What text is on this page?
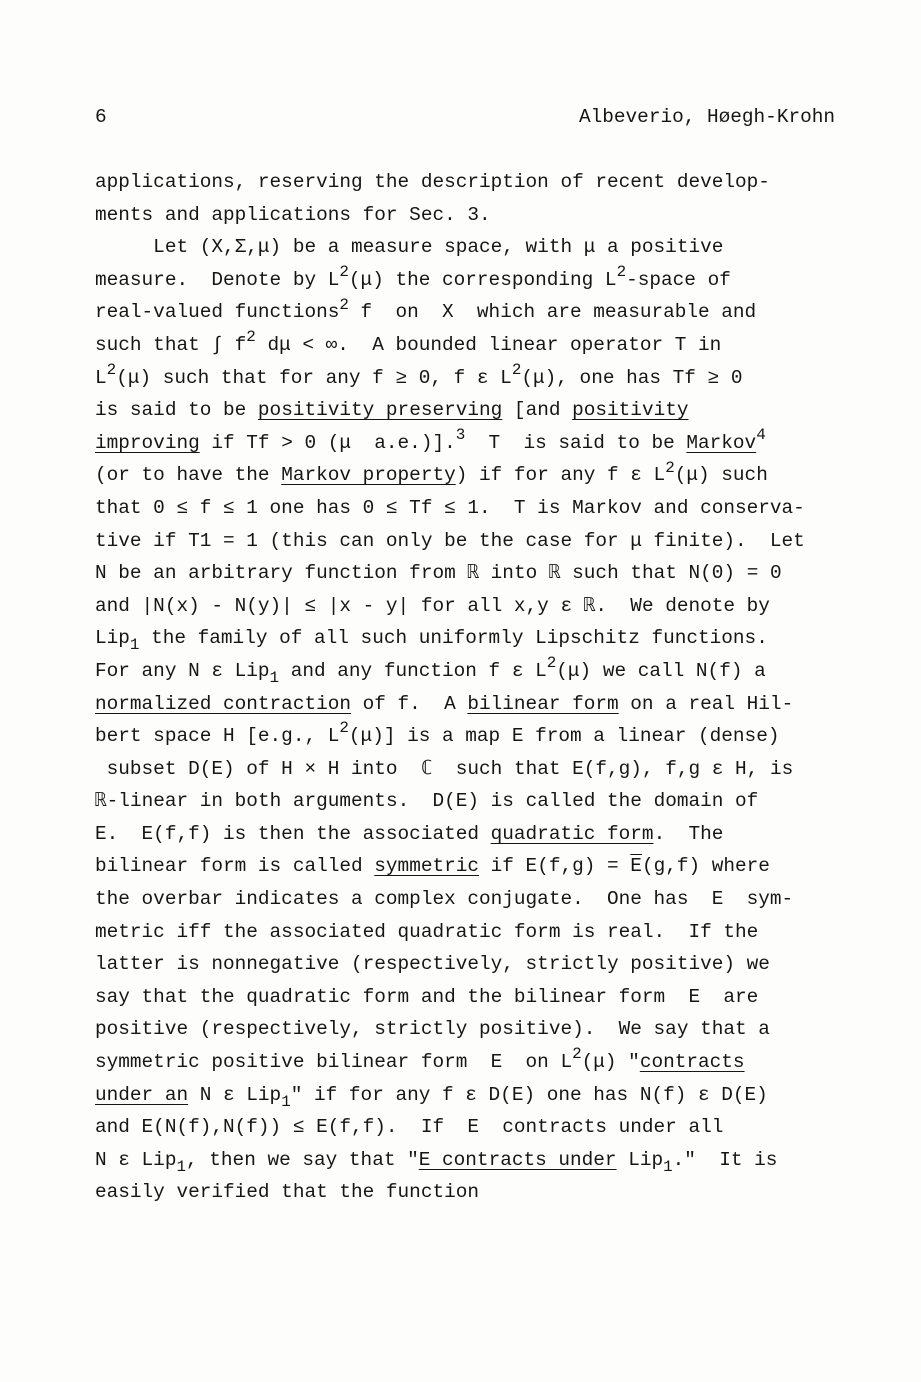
6	Albeverio, Høegh-Krohn
applications, reserving the description of recent develop-
ments and applications for Sec. 3.
Let (X,Σ,μ) be a measure space, with μ a positive
measure.  Denote by $L^2(\mu)$ the corresponding $L^2$-space of
real-valued functions$^2$ f  on  X  which are measurable and
such that ∫ $f^2$ dμ < ∞.  A bounded linear operator T in
$L^2(\mu)$ such that for any f ≥ 0, f ε $L^2(\mu)$, one has Tf ≥ 0
is said to be positivity preserving [and positivity
improving if Tf > 0 (μ  a.e.)].$^3$  T  is said to be Markov$^4$
(or to have the Markov property) if for any f ε $L^2(\mu)$ such
that 0 ≤ f ≤ 1 one has 0 ≤ Tf ≤ 1.  T is Markov and conserva-
tive if T1 = 1 (this can only be the case for μ finite).  Let
N be an arbitrary function from ℝ into ℝ such that N(0) = 0
and |N(x) - N(y)| ≤ |x - y| for all x,y ε ℝ.  We denote by
Lip$_1$ the family of all such uniformly Lipschitz functions.
For any N ε Lip$_1$ and any function f ε $L^2(\mu)$ we call N(f) a
normalized contraction of f.  A bilinear form on a real Hil-
bert space H [e.g., $L^2(\mu)$] is a map E from a linear (dense)
subset D(E) of H × H into  ℂ  such that E(f,g), f,g ε H, is
ℝ-linear in both arguments.  D(E) is called the domain of
E.  E(f,f) is then the associated quadratic form.  The
bilinear form is called symmetric if $E(f,g) = \overline{E}(g,f)$ where
the overbar indicates a complex conjugate.  One has  E  sym-
metric iff the associated quadratic form is real.  If the
latter is nonnegative (respectively, strictly positive) we
say that the quadratic form and the bilinear form  E  are
positive (respectively, strictly positive).  We say that a
symmetric positive bilinear form  E  on $L^2(\mu)$ "contracts
under an N ε Lip$_1$" if for any f ε D(E) one has N(f) ε D(E)
and E(N(f),N(f)) ≤ E(f,f).  If  E  contracts under all
N ε Lip$_1$, then we say that "E contracts under Lip$_1$."  It is
easily verified that the function
